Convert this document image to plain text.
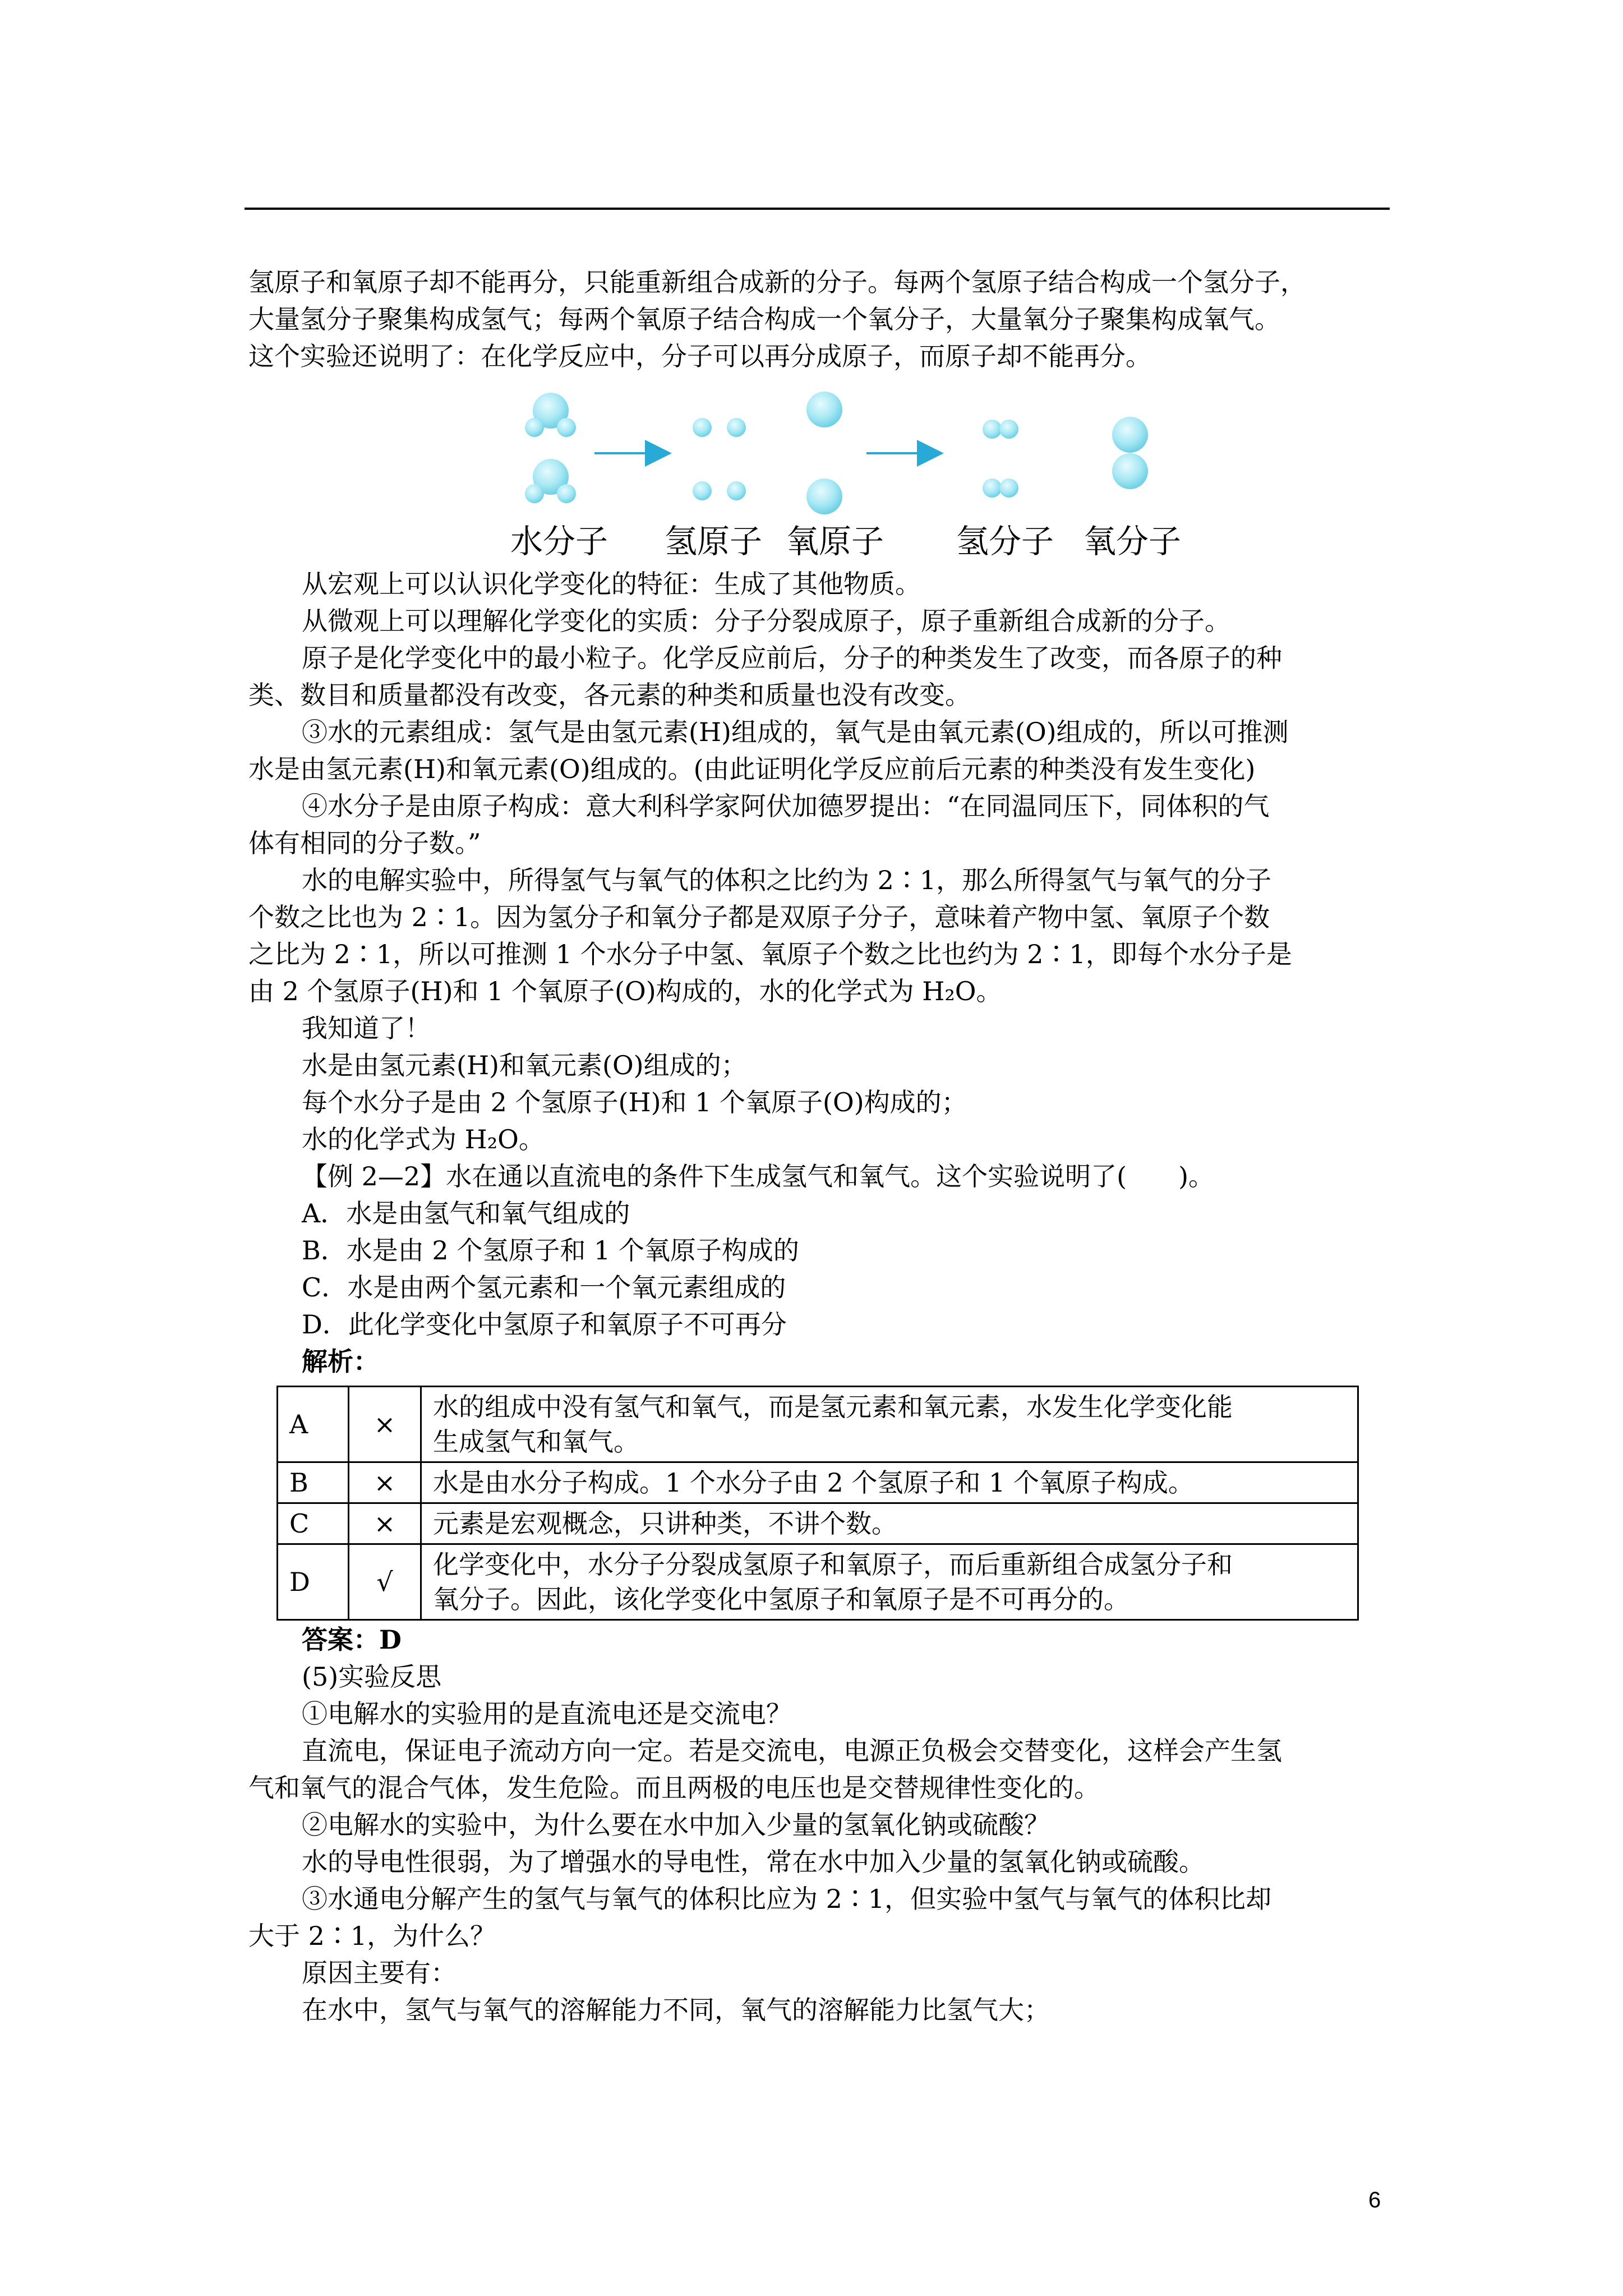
氢原子和氧原子却不能再分，只能重新组合成新的分子。每两个氢原子结合构成一个氢分子，
大量氢分子聚集构成氢气；每两个氧原子结合构成一个氧分子，大量氧分子聚集构成氧气。
这个实验还说明了：在化学反应中，分子可以再分成原子，而原子却不能再分。
水分子 氢原子 氧原子 氢分子 氧分子
从宏观上可以认识化学变化的特征：生成了其他物质。
从微观上可以理解化学变化的实质：分子分裂成原子，原子重新组合成新的分子。
原子是化学变化中的最小粒子。化学反应前后，分子的种类发生了改变，而各原子的种
类、数目和质量都没有改变，各元素的种类和质量也没有改变。
③水的元素组成：氢气是由氢元素(H)组成的，氧气是由氧元素(O)组成的，所以可推测
水是由氢元素(H)和氧元素(O)组成的。(由此证明化学反应前后元素的种类没有发生变化)
④水分子是由原子构成：意大利科学家阿伏加德罗提出：“在同温同压下，同体积的气
体有相同的分子数。”
水的电解实验中，所得氢气与氧气的体积之比约为 2∶1，那么所得氢气与氧气的分子
个数之比也为 2∶1。因为氢分子和氧分子都是双原子分子，意味着产物中氢、氧原子个数
之比为 2∶1，所以可推测 1 个水分子中氢、氧原子个数之比也约为 2∶1，即每个水分子是
由 2 个氢原子(H)和 1 个氧原子(O)构成的，水的化学式为 H₂O。
我知道了！
水是由氢元素(H)和氧元素(O)组成的；
每个水分子是由 2 个氢原子(H)和 1 个氧原子(O)构成的；
水的化学式为 H₂O。
【例 2—2】水在通以直流电的条件下生成氢气和氧气。这个实验说明了(　　)。
A．水是由氢气和氧气组成的
B．水是由 2 个氢原子和 1 个氧原子构成的
C．水是由两个氢元素和一个氧元素组成的
D．此化学变化中氢原子和氧原子不可再分
解析：
A	×	水的组成中没有氢气和氧气，而是氢元素和氧元素，水发生化学变化能
生成氢气和氧气。

B	×	水是由水分子构成。1 个水分子由 2 个氢原子和 1 个氧原子构成。
C	×	元素是宏观概念，只讲种类，不讲个数。
D	√	化学变化中，水分子分裂成氢原子和氧原子，而后重新组合成氢分子和
氧分子。因此，该化学变化中氢原子和氧原子是不可再分的。
答案：D
(5)实验反思
①电解水的实验用的是直流电还是交流电？
直流电，保证电子流动方向一定。若是交流电，电源正负极会交替变化，这样会产生氢
气和氧气的混合气体，发生危险。而且两极的电压也是交替规律性变化的。
②电解水的实验中，为什么要在水中加入少量的氢氧化钠或硫酸？
水的导电性很弱，为了增强水的导电性，常在水中加入少量的氢氧化钠或硫酸。
③水通电分解产生的氢气与氧气的体积比应为 2∶1，但实验中氢气与氧气的体积比却
大于 2∶1，为什么？
原因主要有：
在水中，氢气与氧气的溶解能力不同，氧气的溶解能力比氢气大；
6
